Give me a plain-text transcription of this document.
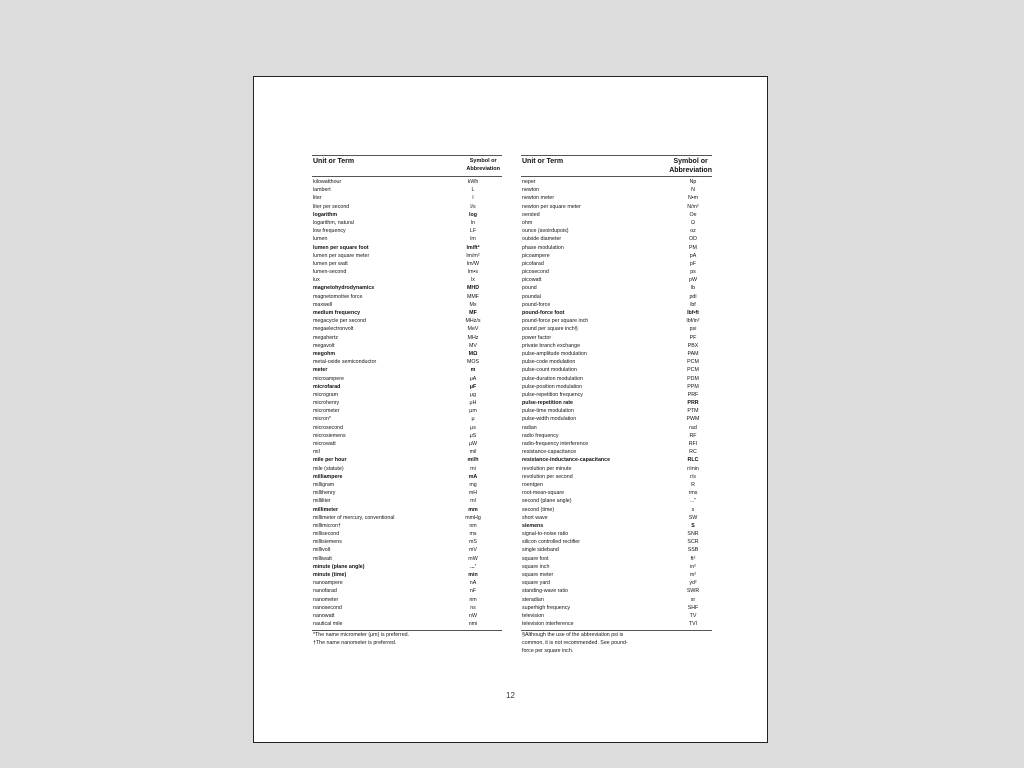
Unit or Term	Symbol or
Abbreviation
kilowatthour	kWh
lambert	L
liter	l
liter per second	l/s
logarithm	log
logarithm, natural	ln
low frequency	LF
lumen	lm
lumen per square foot	lm/ft²
lumen per square meter	lm/m²
lumen per watt	lm/W
lumen-second	lm•s
lux	lx
magnetohydrodynamics	MHD
magnetomotive force	MMF
maxwell	Mx
medium frequency	MF
megacycle per second	MHz/s
megaelectronvolt	MeV
megahertz	MHz
megavolt	MV
megohm	MΩ
metal-oxide semiconductor	MOS
meter	m
microampere	μA
microfarad	μF
microgram	μg
microhenry	μH
micrometer	μm
micron*	μ
microsecond	μs
microsiemens	μS
microwatt	μW
mil	mil
mile per hour	mi/h
mile (statute)	mi
milliampere	mA
milligram	mg
millihenry	mH
milliliter	ml
millimeter	mm
millimeter of mercury, conventional	mmHg
millimicron†	nm
millisecond	ms
millisiemens	mS
millivolt	mV
milliwatt	mW
minute (plane angle)	...'
minute (time)	min
nanoampere	nA
nanofarad	nF
nanometer	nm
nanosecond	ns
nanowatt	nW
nautical mile	nmi
*The name micrometer (μm) is preferred.
†The name nanometer is preferred.
Unit or Term	Symbol or
Abbreviation
neper	Np
newton	N
newton meter	N•m
newton per square meter	N/m²
oersted	Oe
ohm	Ω
ounce (avoirdupois)	oz
outside diameter	OD
phase modulation	PM
picoampere	pA
picofarad	pF
picosecond	ps
picowatt	pW
pound	lb
poundal	pdl
pound-force	lbf
pound-force foot	lbf•ft
pound-force per square inch	lbf/in²
pound per square inch§	psi
power factor	PF
private branch exchange	PBX
pulse-amplitude modulation	PAM
pulse-code modulation	PCM
pulse-count modulation	PCM
pulse-duration modulation	PDM
pulse-position modulation	PPM
pulse-repetition frequency	PRF
pulse-repetition rate	PRR
pulse-time modulation	PTM
pulse-width modulation	PWM
radian	rad
radio frequency	RF
radio-frequency interference	RFI
resistance-capacitance	RC
resistance-inductance-capacitance	RLC
revolution per minute	r/min
revolution per second	r/s
roentgen	R
root-mean-square	rms
second (plane angle)	..."
second (time)	s
short wave	SW
siemens	S
signal-to-noise ratio	SNR
silicon controlled rectifier	SCR
single sideband	SSB
square foot	ft²
square inch	in²
square meter	m²
square yard	yd²
standing-wave ratio	SWR
steradian	sr
superhigh frequency	SHF
television	TV
television interference	TVI
§Although the use of the abbreviation psi is
common, it is not recommended. See pound-
force per square inch.
12
